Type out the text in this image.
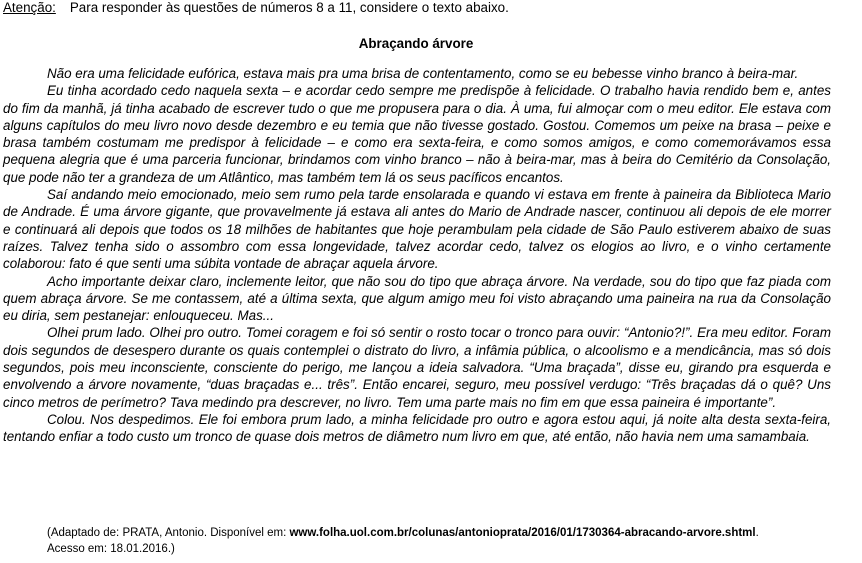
Atenção: Para responder às questões de números 8 a 11, considere o texto abaixo.
Abraçando árvore

Não era uma felicidade eufórica, estava mais pra uma brisa de contentamento, como se eu bebesse vinho branco à beira-mar.

Eu tinha acordado cedo naquela sexta – e acordar cedo sempre me predispõe à felicidade. O trabalho havia rendido bem e, antes do fim da manhã, já tinha acabado de escrever tudo o que me propusera para o dia. À uma, fui almoçar com o meu editor. Ele estava com alguns capítulos do meu livro novo desde dezembro e eu temia que não tivesse gostado. Gostou. Comemos um peixe na brasa – peixe e brasa também costumam me predispor à felicidade – e como era sexta-feira, e como somos amigos, e como comemorávamos essa pequena alegria que é uma parceria funcionar, brindamos com vinho branco – não à beira-mar, mas à beira do Cemitério da Consolação, que pode não ter a grandeza de um Atlântico, mas também tem lá os seus pacíficos encantos.

Saí andando meio emocionado, meio sem rumo pela tarde ensolarada e quando vi estava em frente à paineira da Biblioteca Mario de Andrade. É uma árvore gigante, que provavelmente já estava ali antes do Mario de Andrade nascer, continuou ali depois de ele morrer e continuará ali depois que todos os 18 milhões de habitantes que hoje perambulam pela cidade de São Paulo estiverem abaixo de suas raízes. Talvez tenha sido o assombro com essa longevidade, talvez acordar cedo, talvez os elogios ao livro, e o vinho certamente colaborou: fato é que senti uma súbita vontade de abraçar aquela árvore.

Acho importante deixar claro, inclemente leitor, que não sou do tipo que abraça árvore. Na verdade, sou do tipo que faz piada com quem abraça árvore. Se me contassem, até a última sexta, que algum amigo meu foi visto abraçando uma paineira na rua da Consolação eu diria, sem pestanejar: enlouqueceu. Mas...

Olhei prum lado. Olhei pro outro. Tomei coragem e foi só sentir o rosto tocar o tronco para ouvir: “Antonio?!”. Era meu editor. Foram dois segundos de desespero durante os quais contemplei o distrato do livro, a infâmia pública, o alcoolismo e a mendicância, mas só dois segundos, pois meu inconsciente, consciente do perigo, me lançou a ideia salvadora. “Uma braçada”, disse eu, girando pra esquerda e envolvendo a árvore novamente, “duas braçadas e... três”. Então encarei, seguro, meu possível verdugo: “Três braçadas dá o quê? Uns cinco metros de perímetro? Tava medindo pra descrever, no livro. Tem uma parte mais no fim em que essa paineira é importante”.

Colou. Nos despedimos. Ele foi embora prum lado, a minha felicidade pro outro e agora estou aqui, já noite alta desta sexta-feira, tentando enfiar a todo custo um tronco de quase dois metros de diâmetro num livro em que, até então, não havia nem uma samambaia.

(Adaptado de: PRATA, Antonio. Disponível em: www.folha.uol.com.br/colunas/antonioprata/2016/01/1730364-abracando-arvore.shtml.
Acesso em: 18.01.2016.)
